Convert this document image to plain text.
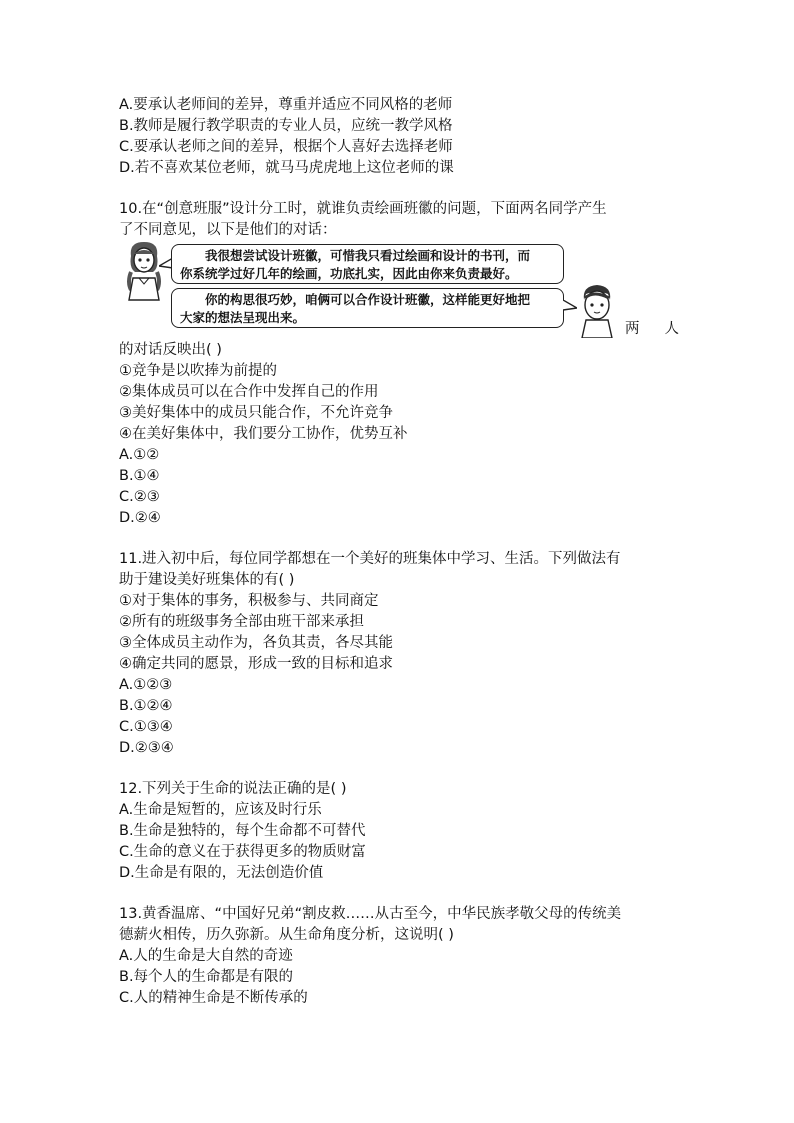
A.要承认老师间的差异，尊重并适应不同风格的老师
B.教师是履行教学职责的专业人员，应统一教学风格
C.要承认老师之间的差异，根据个人喜好去选择老师
D.若不喜欢某位老师，就马马虎虎地上这位老师的课
10.在“创意班服”设计分工时，就谁负责绘画班徽的问题，下面两名同学产生
了不同意见，以下是他们的对话：
我很想尝试设计班徽，可惜我只看过绘画和设计的书刊，而
你系统学过好几年的绘画，功底扎实，因此由你来负责最好。
你的构思很巧妙，咱俩可以合作设计班徽，这样能更好地把
大家的想法呈现出来。
两 人
的对话反映出( )
①竞争是以吹捧为前提的
②集体成员可以在合作中发挥自己的作用
③美好集体中的成员只能合作，不允许竞争
④在美好集体中，我们要分工协作，优势互补
A.①②
B.①④
C.②③
D.②④
11.进入初中后，每位同学都想在一个美好的班集体中学习、生活。下列做法有
助于建设美好班集体的有( )
①对于集体的事务，积极参与、共同商定
②所有的班级事务全部由班干部来承担
③全体成员主动作为，各负其责，各尽其能
④确定共同的愿景，形成一致的目标和追求
A.①②③
B.①②④
C.①③④
D.②③④
12.下列关于生命的说法正确的是( )
A.生命是短暂的，应该及时行乐
B.生命是独特的，每个生命都不可替代
C.生命的意义在于获得更多的物质财富
D.生命是有限的，无法创造价值
13.黄香温席、“中国好兄弟“割皮救……从古至今，中华民族孝敬父母的传统美
德薪火相传，历久弥新。从生命角度分析，这说明( )
A.人的生命是大自然的奇迹
B.每个人的生命都是有限的
C.人的精神生命是不断传承的
